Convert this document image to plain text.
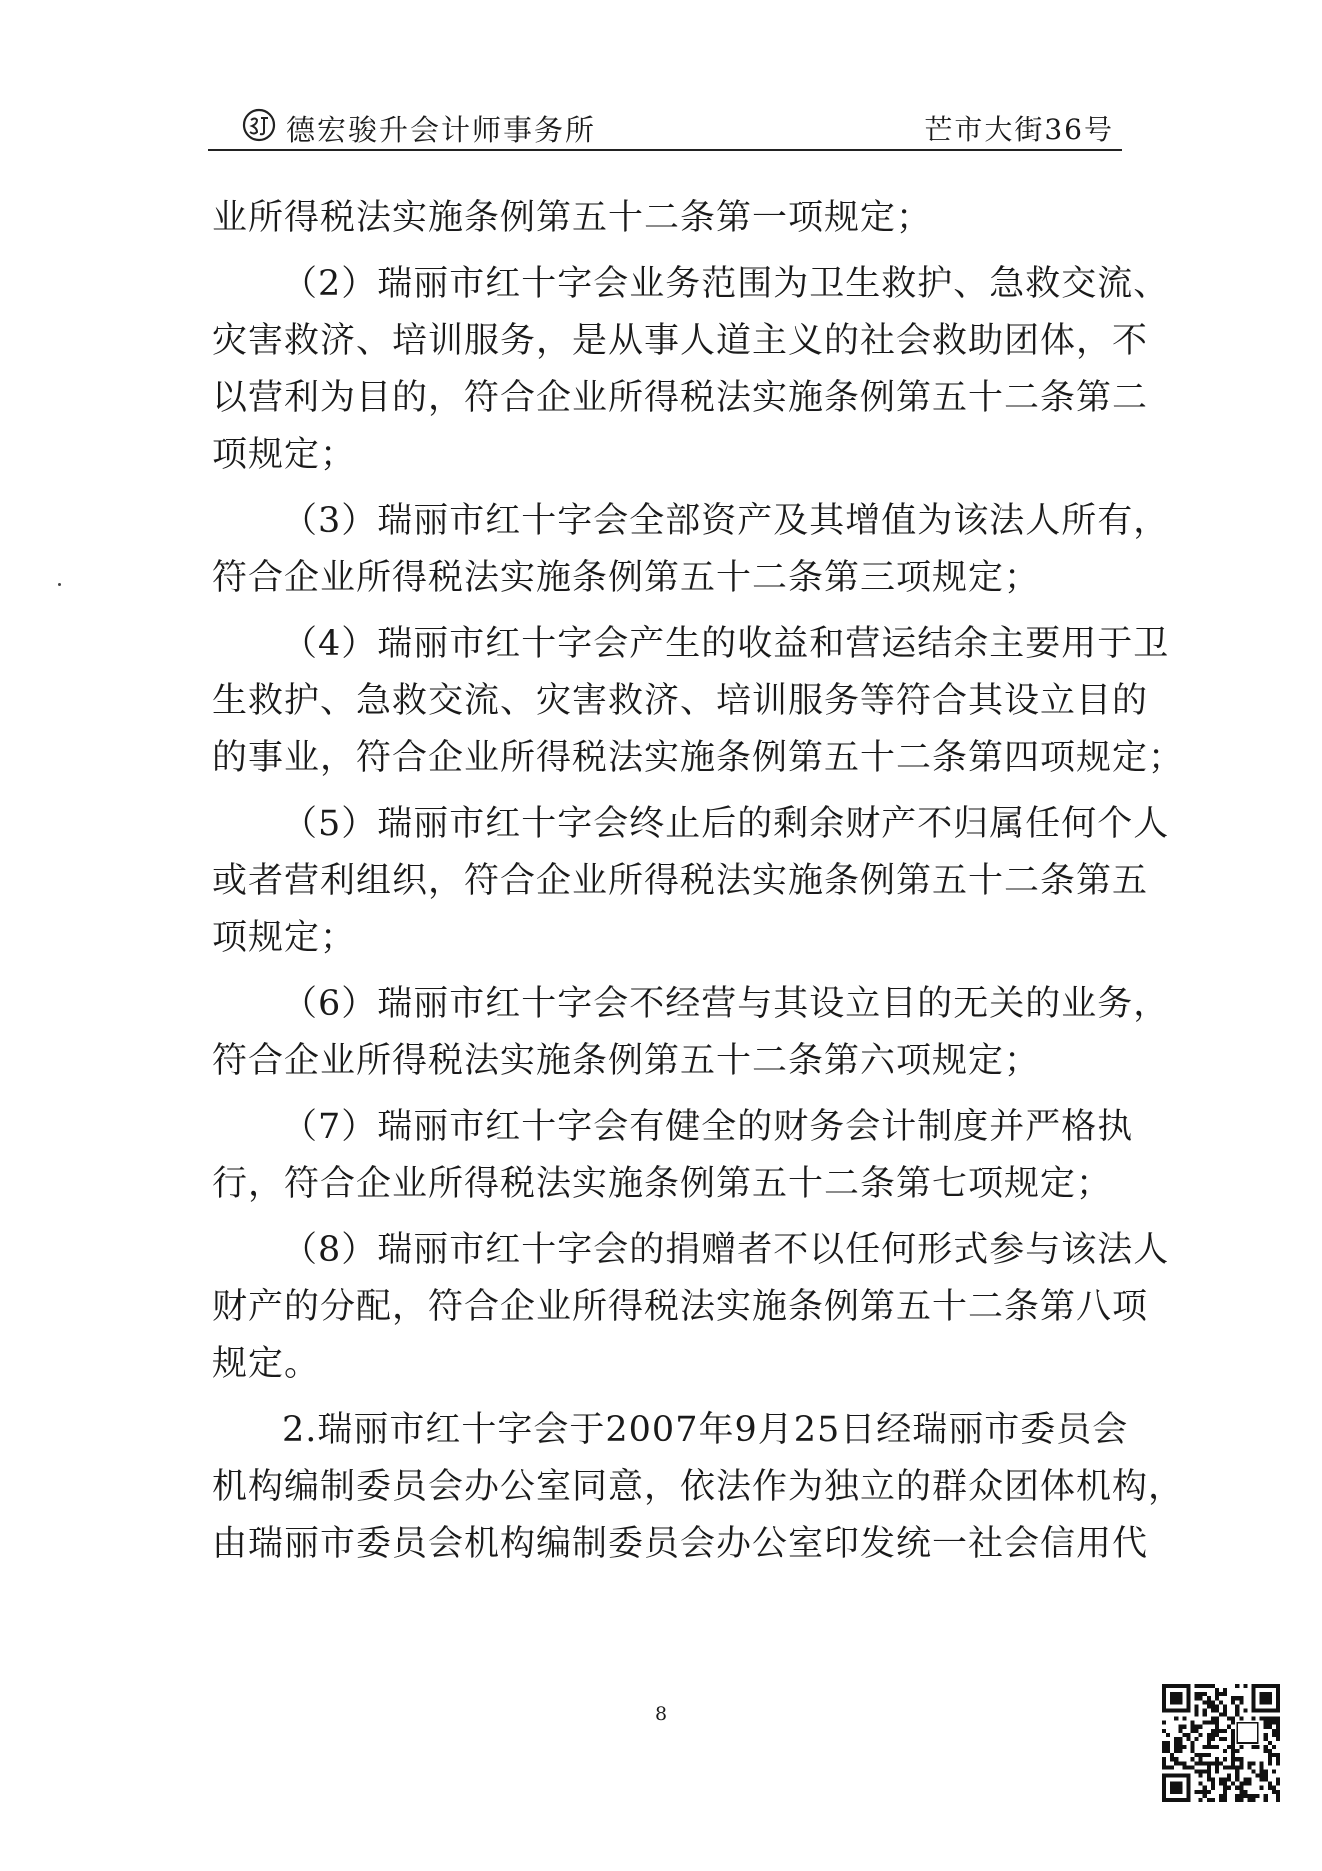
德宏骏升会计师事务所	芒市大街36号
业所得税法实施条例第五十二条第一项规定；
（2）瑞丽市红十字会业务范围为卫生救护、急救交流、
灾害救济、培训服务，是从事人道主义的社会救助团体，不
以营利为目的，符合企业所得税法实施条例第五十二条第二
项规定；
（3）瑞丽市红十字会全部资产及其增值为该法人所有，
符合企业所得税法实施条例第五十二条第三项规定；
（4）瑞丽市红十字会产生的收益和营运结余主要用于卫
生救护、急救交流、灾害救济、培训服务等符合其设立目的
的事业，符合企业所得税法实施条例第五十二条第四项规定；
（5）瑞丽市红十字会终止后的剩余财产不归属任何个人
或者营利组织，符合企业所得税法实施条例第五十二条第五
项规定；
（6）瑞丽市红十字会不经营与其设立目的无关的业务，
符合企业所得税法实施条例第五十二条第六项规定；
（7）瑞丽市红十字会有健全的财务会计制度并严格执
行，符合企业所得税法实施条例第五十二条第七项规定；
（8）瑞丽市红十字会的捐赠者不以任何形式参与该法人
财产的分配，符合企业所得税法实施条例第五十二条第八项
规定。
2.瑞丽市红十字会于2007年9月25日经瑞丽市委员会
机构编制委员会办公室同意，依法作为独立的群众团体机构，
由瑞丽市委员会机构编制委员会办公室印发统一社会信用代
8
